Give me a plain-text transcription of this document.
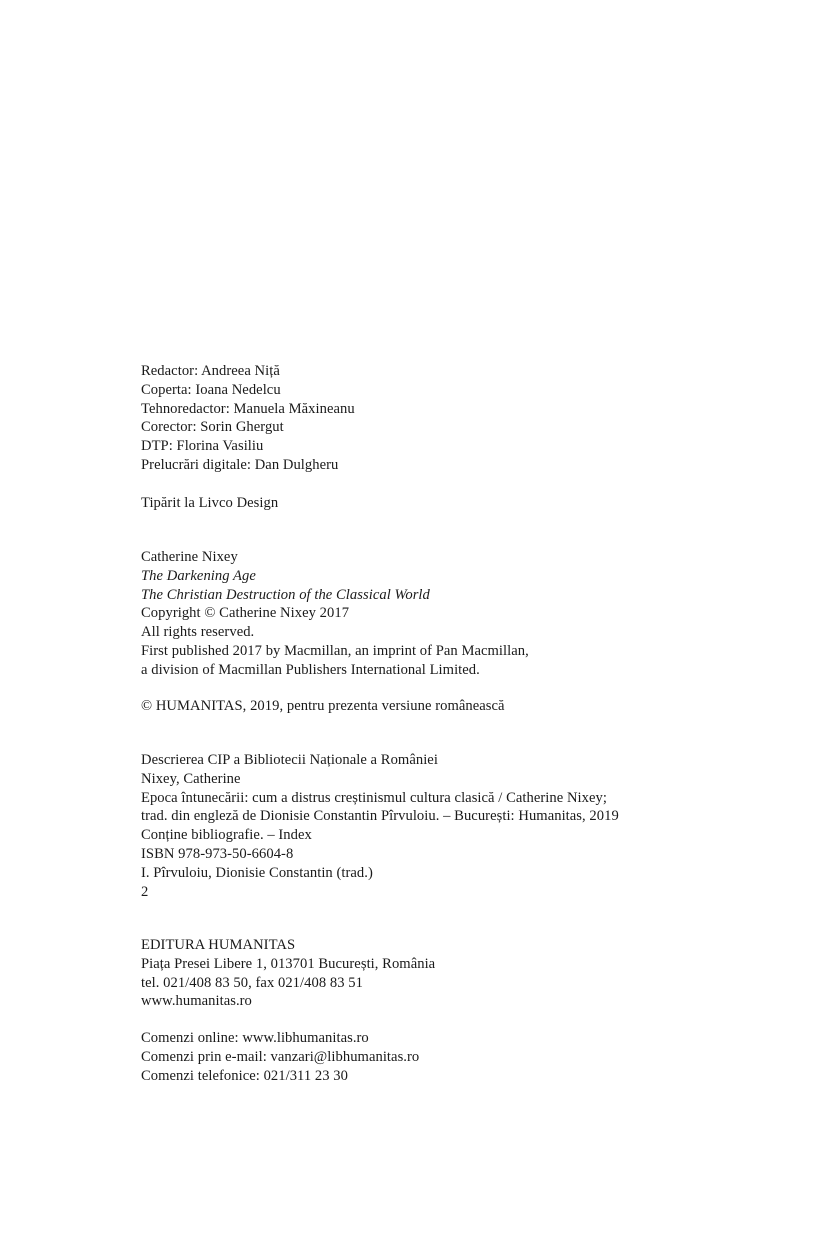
Redactor: Andreea Niță
Coperta: Ioana Nedelcu
Tehnoredactor: Manuela Măxineanu
Corector: Sorin Ghergut
DTP: Florina Vasiliu
Prelucrări digitale: Dan Dulgheru
Tipărit la Livco Design
Catherine Nixey
The Darkening Age
The Christian Destruction of the Classical World
Copyright © Catherine Nixey 2017
All rights reserved.
First published 2017 by Macmillan, an imprint of Pan Macmillan,
a division of Macmillan Publishers International Limited.
© HUMANITAS, 2019, pentru prezenta versiune românească
Descrierea CIP a Bibliotecii Naționale a României
Nixey, Catherine
Epoca întunecării: cum a distrus creștinismul cultura clasică / Catherine Nixey;
trad. din engleză de Dionisie Constantin Pîrvuloiu. – București: Humanitas, 2019
Conține bibliografie. – Index
ISBN 978-973-50-6604-8
I. Pîrvuloiu, Dionisie Constantin (trad.)
2
EDITURA HUMANITAS
Piața Presei Libere 1, 013701 București, România
tel. 021/408 83 50, fax 021/408 83 51
www.humanitas.ro
Comenzi online: www.libhumanitas.ro
Comenzi prin e-mail: vanzari@libhumanitas.ro
Comenzi telefonice: 021/311 23 30
